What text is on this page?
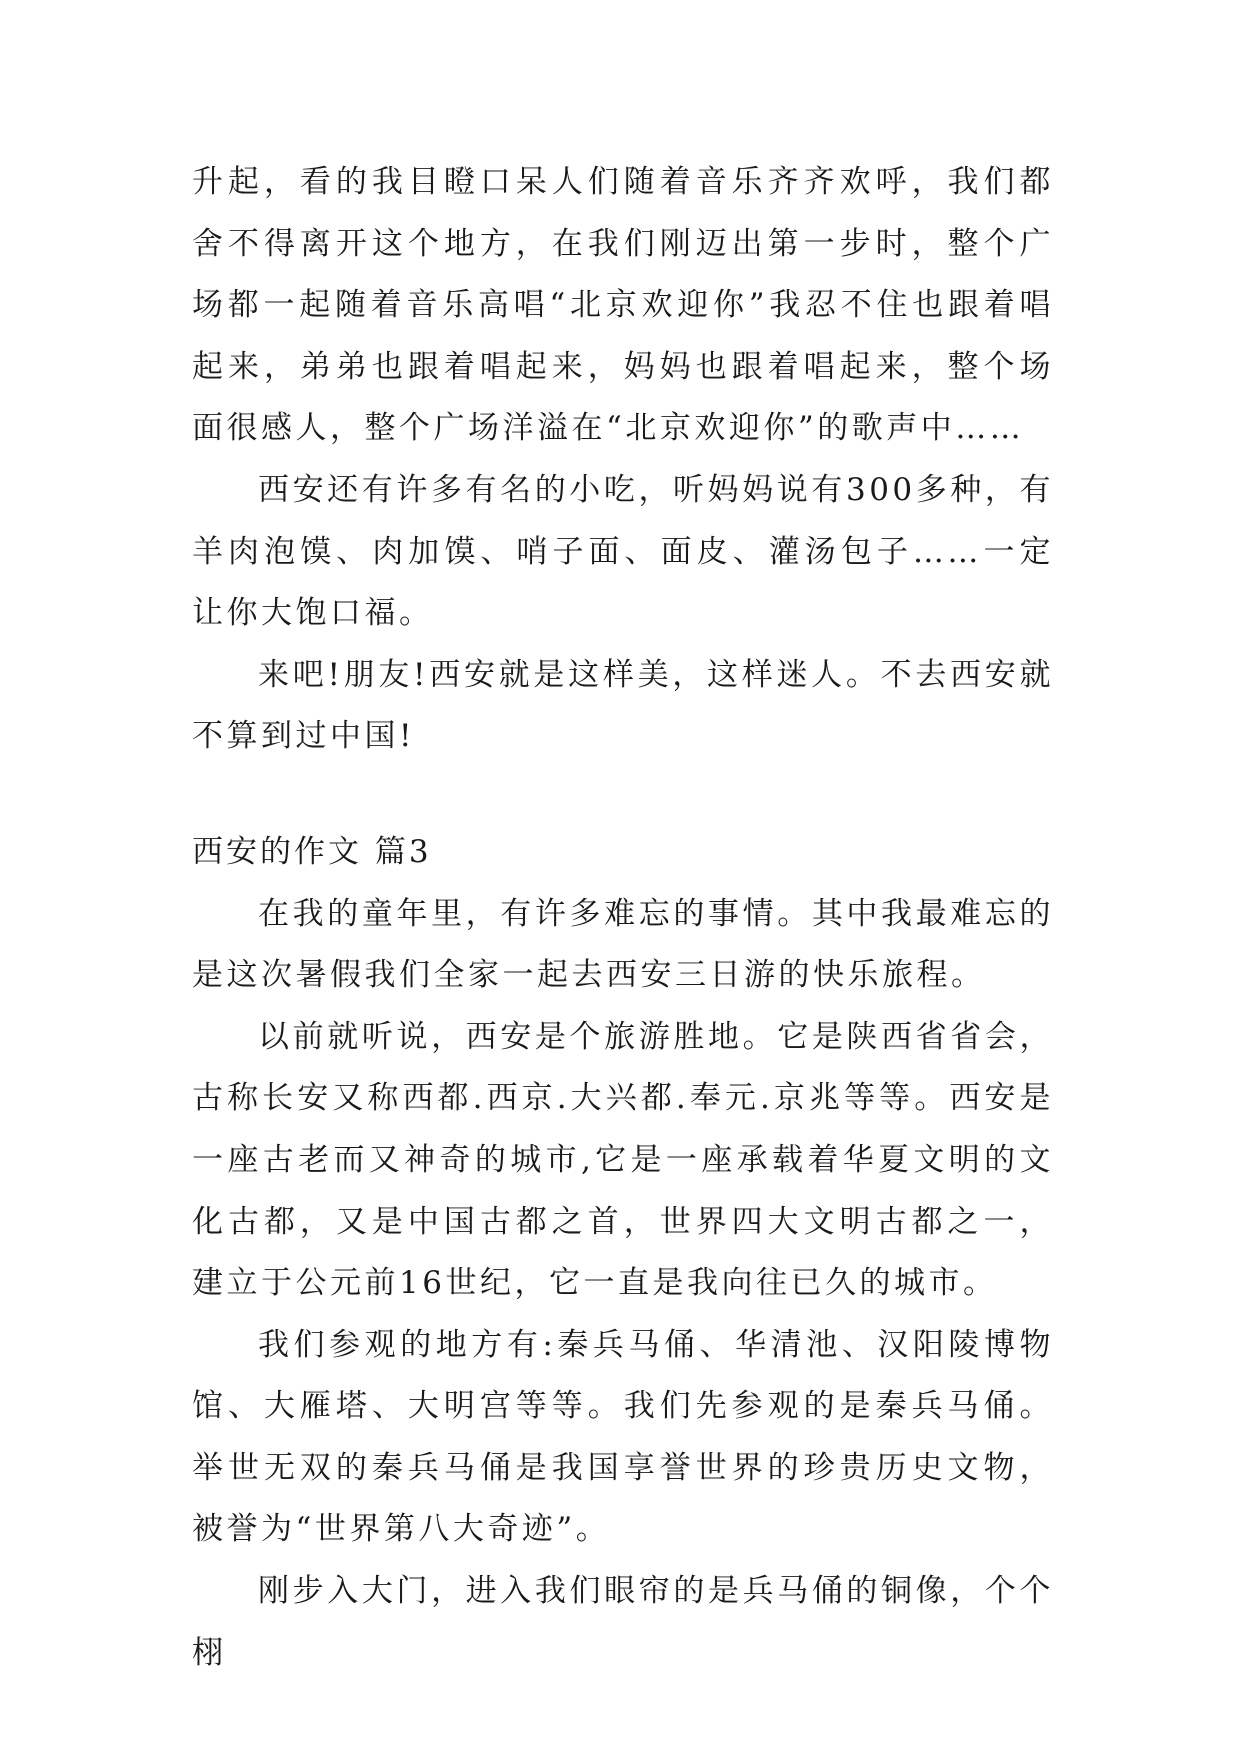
升起，看的我目瞪口呆人们随着音乐齐齐欢呼，我们都舍不得离开这个地方，在我们刚迈出第一步时，整个广场都一起随着音乐高唱“北京欢迎你”我忍不住也跟着唱起来，弟弟也跟着唱起来，妈妈也跟着唱起来，整个场面很感人，整个广场洋溢在“北京欢迎你”的歌声中……

西安还有许多有名的小吃，听妈妈说有300多种，有羊肉泡馍、肉加馍、哨子面、面皮、灌汤包子……一定让你大饱口福。

来吧!朋友!西安就是这样美，这样迷人。不去西安就不算到过中国!

西安的作文 篇3

在我的童年里，有许多难忘的事情。其中我最难忘的是这次暑假我们全家一起去西安三日游的快乐旅程。

以前就听说，西安是个旅游胜地。它是陕西省省会，古称长安又称西都.西京.大兴都.奉元.京兆等等。西安是一座古老而又神奇的城市,它是一座承载着华夏文明的文化古都，又是中国古都之首，世界四大文明古都之一，建立于公元前16世纪，它一直是我向往已久的城市。

我们参观的地方有:秦兵马俑、华清池、汉阳陵博物馆、大雁塔、大明宫等等。我们先参观的是秦兵马俑。举世无双的秦兵马俑是我国享誉世界的珍贵历史文物，被誉为“世界第八大奇迹”。

刚步入大门，进入我们眼帘的是兵马俑的铜像，个个栩
